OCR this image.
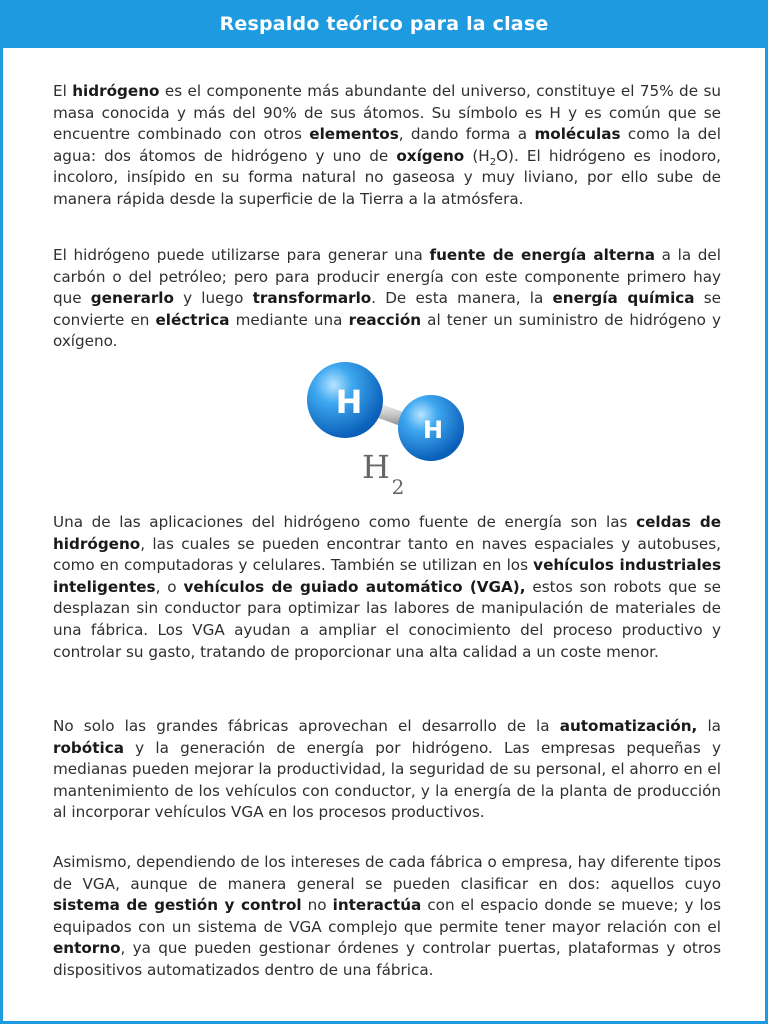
Respaldo teórico para la clase

El hidrógeno es el componente más abundante del universo, constituye el 75% de su masa conocida y más del 90% de sus átomos. Su símbolo es H y es común que se encuentre combinado con otros elementos, dando forma a moléculas como la del agua: dos átomos de hidrógeno y uno de oxígeno $(H_2O)$. El hidrógeno es inodoro, incoloro, insípido en su forma natural no gaseosa y muy liviano, por ello sube de manera rápida desde la superficie de la Tierra a la atmósfera.

El hidrógeno puede utilizarse para generar una fuente de energía alterna a la del carbón o del petróleo; pero para producir energía con este componente primero hay que generarlo y luego transformarlo. De esta manera, la energía química se convierte en eléctrica mediante una reacción al tener un suministro de hidrógeno y oxígeno.

H
H
H
2

Una de las aplicaciones del hidrógeno como fuente de energía son las celdas de hidrógeno, las cuales se pueden encontrar tanto en naves espaciales y autobuses, como en computadoras y celulares. También se utilizan en los vehículos industriales inteligentes, o vehículos de guiado automático (VGA), estos son robots que se desplazan sin conductor para optimizar las labores de manipulación de materiales de una fábrica. Los VGA ayudan a ampliar el conocimiento del proceso productivo y controlar su gasto, tratando de proporcionar una alta calidad a un coste menor.

No solo las grandes fábricas aprovechan el desarrollo de la automatización, la robótica y la generación de energía por hidrógeno. Las empresas pequeñas y medianas pueden mejorar la productividad, la seguridad de su personal, el ahorro en el mantenimiento de los vehículos con conductor, y la energía de la planta de producción al incorporar vehículos VGA en los procesos productivos.

Asimismo, dependiendo de los intereses de cada fábrica o empresa, hay diferente tipos de VGA, aunque de manera general se pueden clasificar en dos: aquellos cuyo sistema de gestión y control no interactúa con el espacio donde se mueve; y los equipados con un sistema de VGA complejo que permite tener mayor relación con el entorno, ya que pueden gestionar órdenes y controlar puertas, plataformas y otros dispositivos automatizados dentro de una fábrica.
